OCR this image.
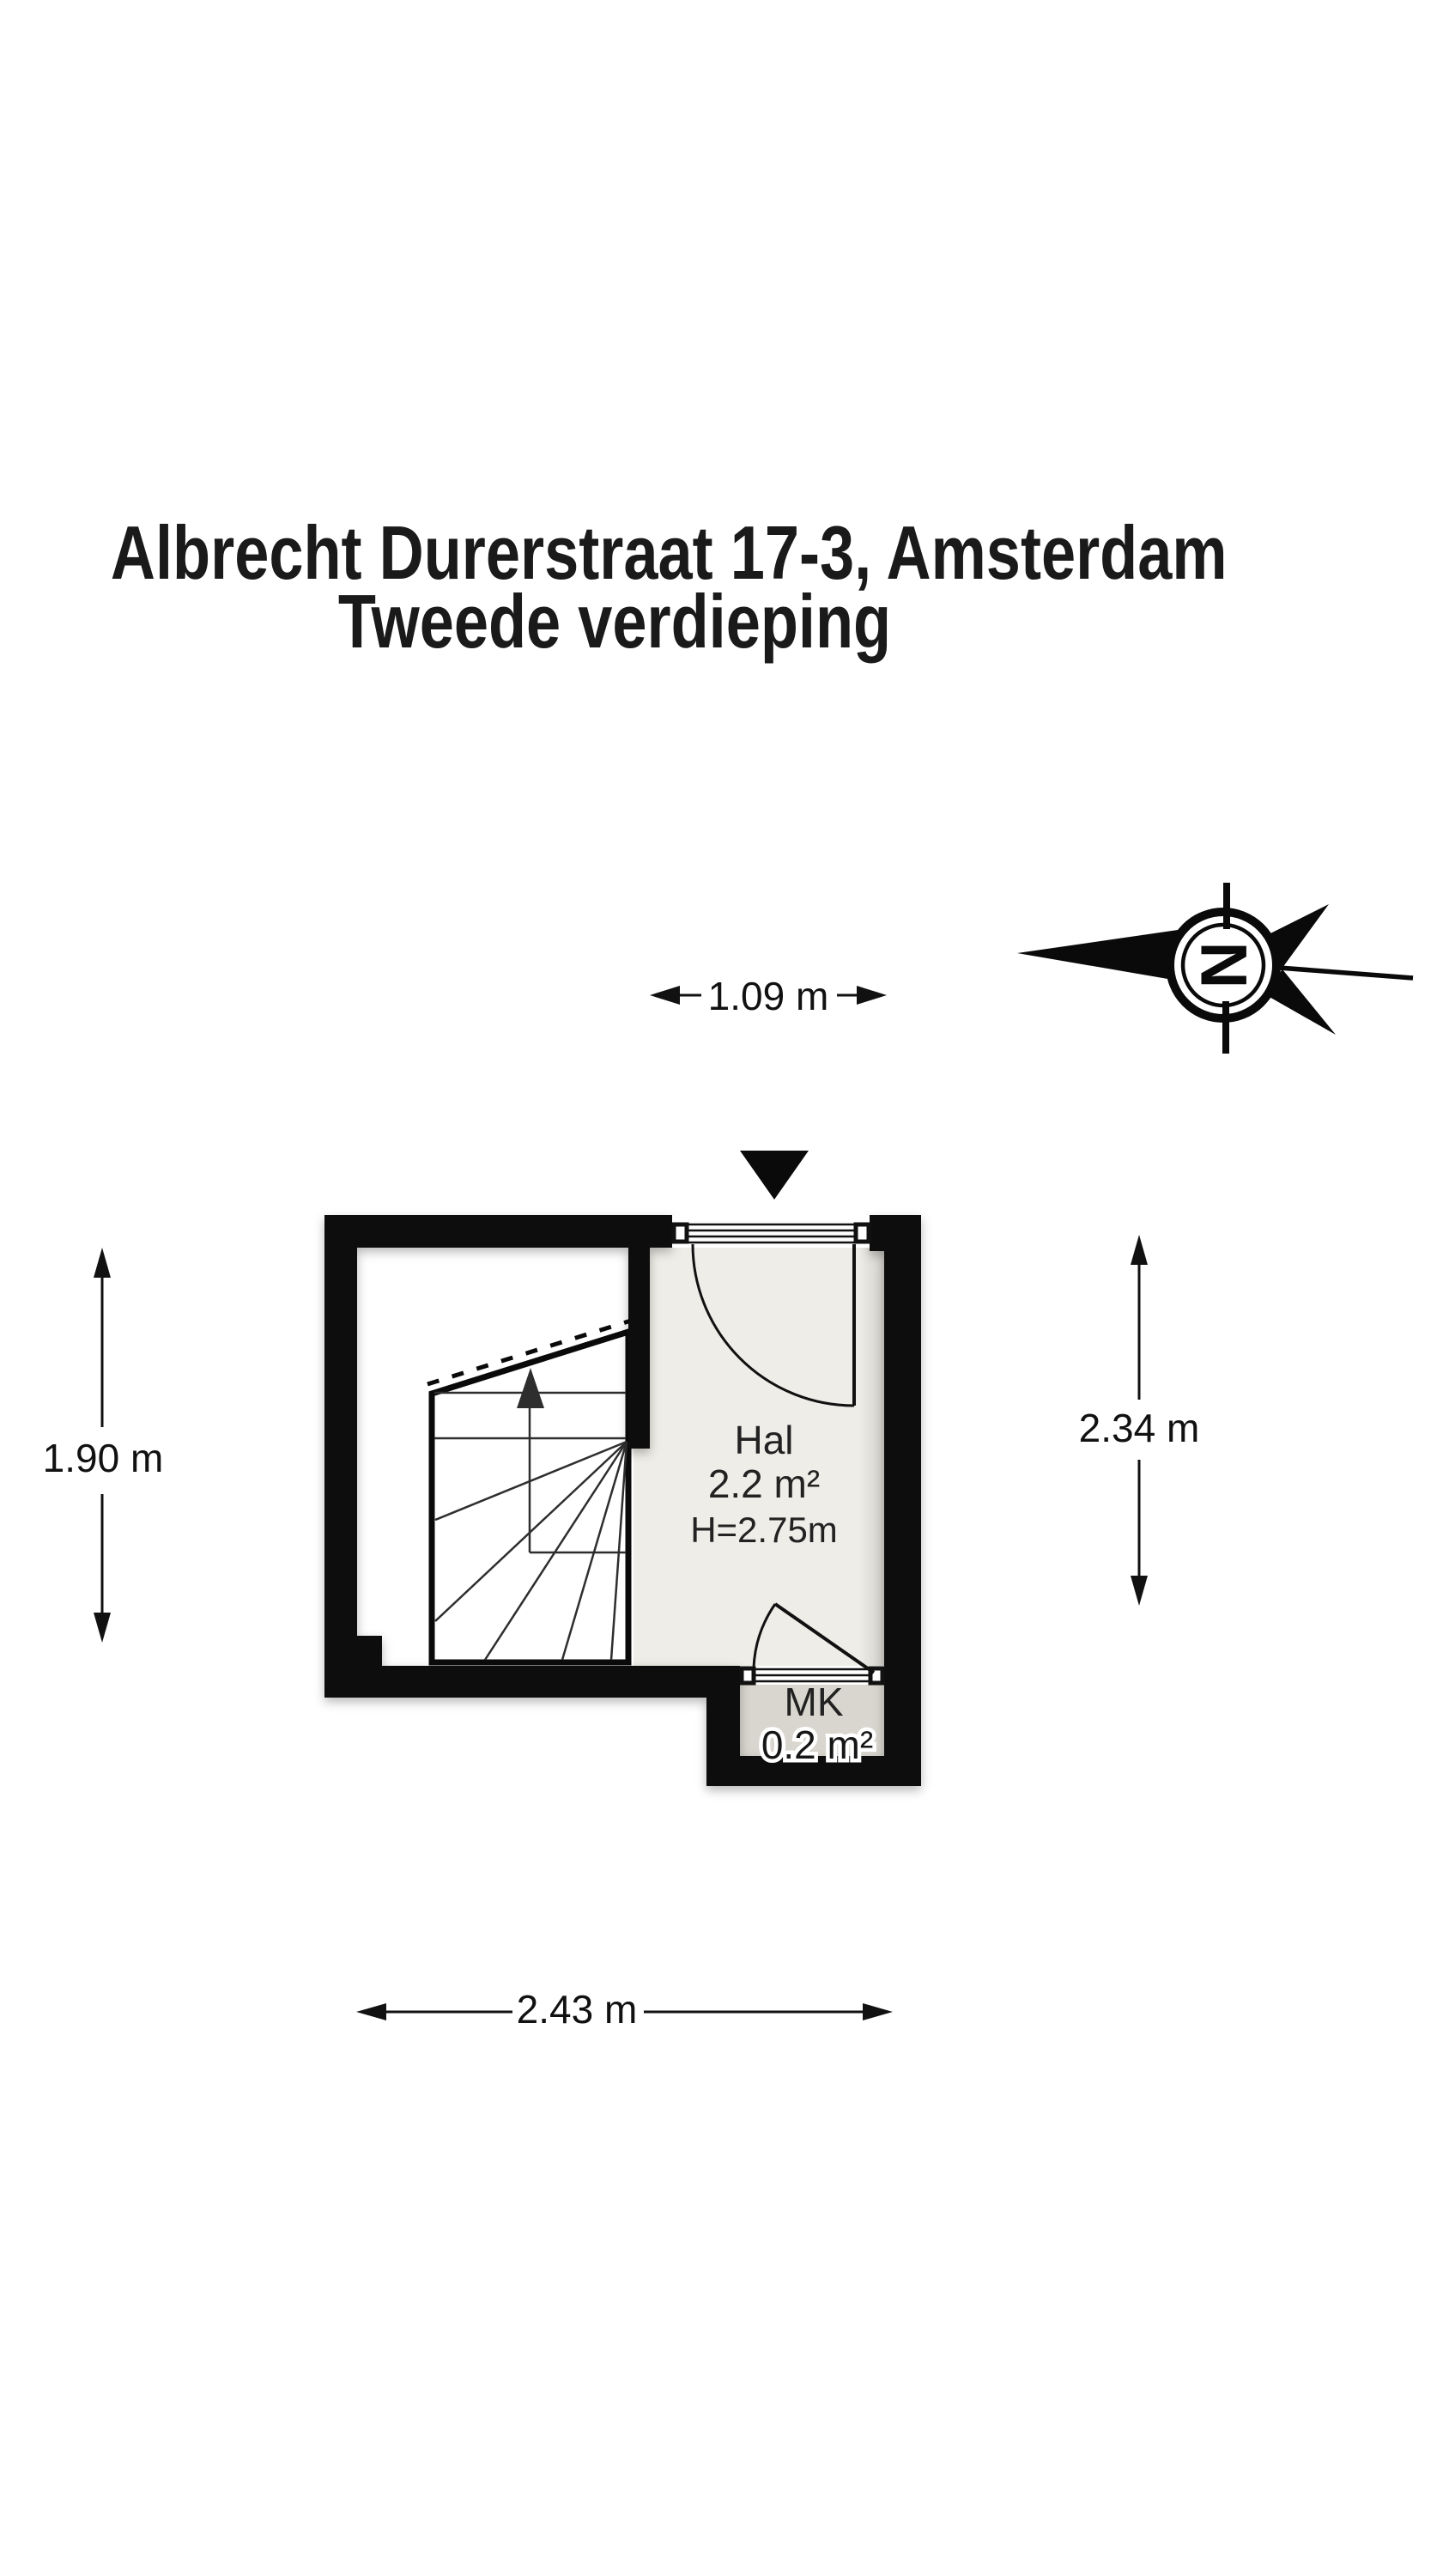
Albrecht Durerstraat 17-3, Amsterdam
Tweede verdieping
Hal
2.2 m²
H=2.75m
MK
0.2 m²
1.09 m
1.90 m
2.34 m
2.43 m
N
